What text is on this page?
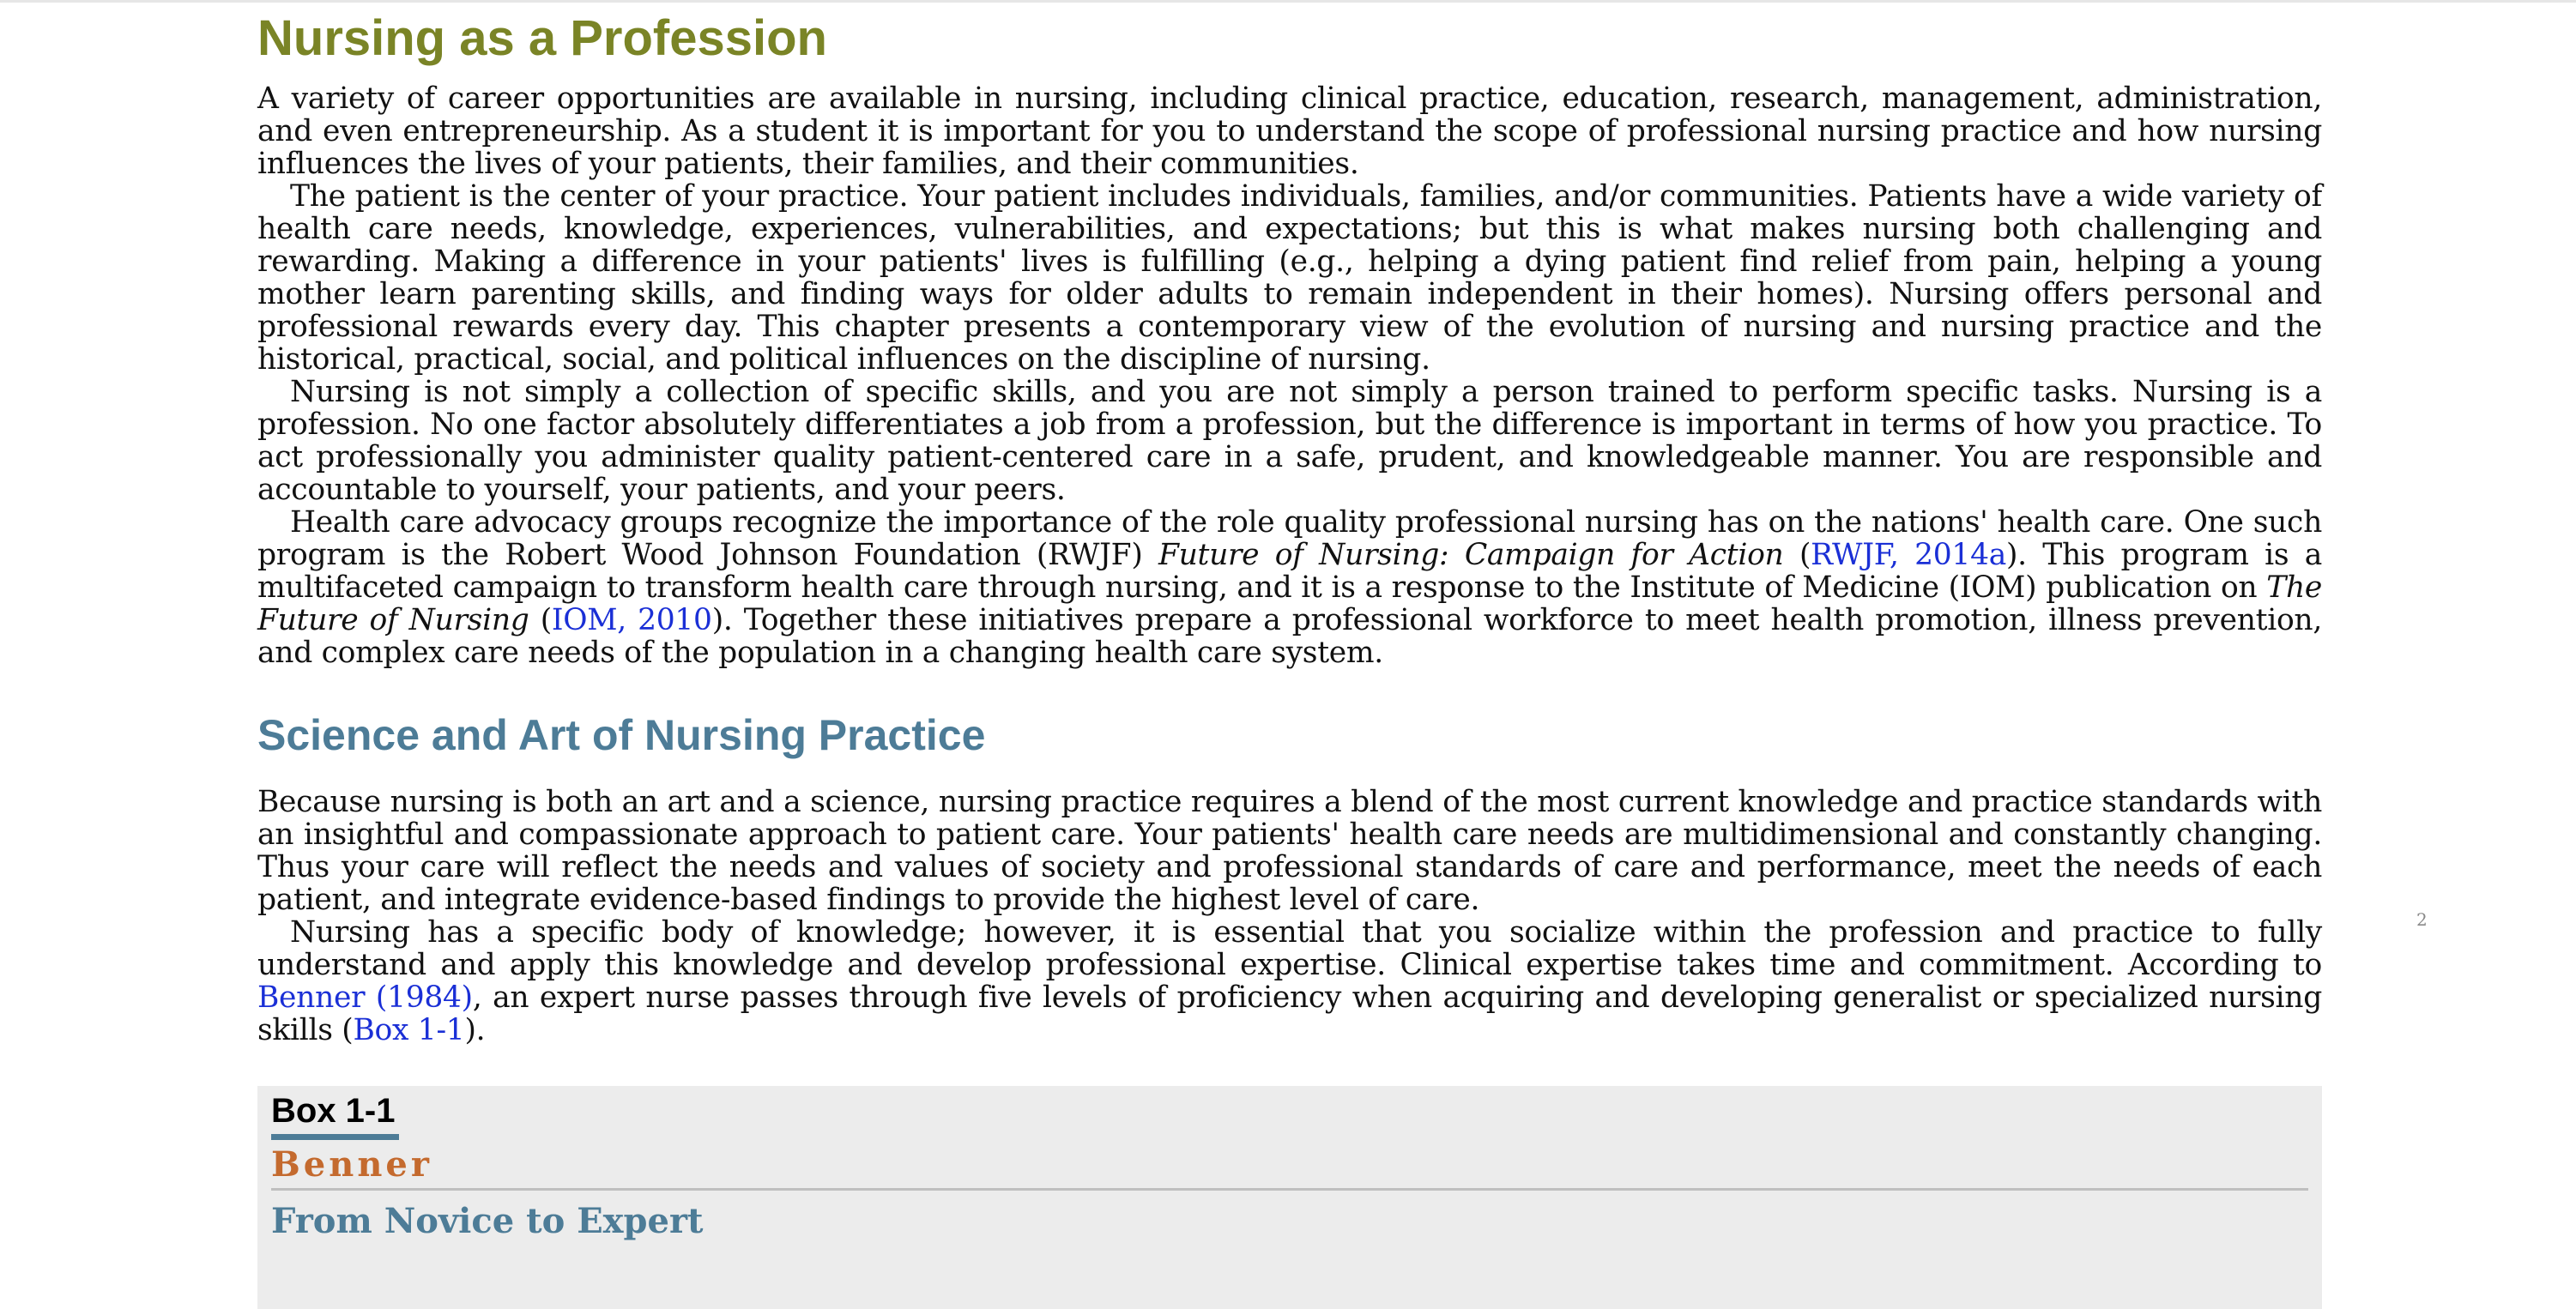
Nursing as a Profession

A variety of career opportunities are available in nursing, including clinical practice, education, research, management, administration, and even entrepreneurship. As a student it is important for you to understand the scope of professional nursing practice and how nursing influences the lives of your patients, their families, and their communities.

The patient is the center of your practice. Your patient includes individuals, families, and/or communities. Patients have a wide variety of health care needs, knowledge, experiences, vulnerabilities, and expectations; but this is what makes nursing both challenging and rewarding. Making a difference in your patients' lives is fulfilling (e.g., helping a dying patient find relief from pain, helping a young mother learn parenting skills, and finding ways for older adults to remain independent in their homes). Nursing offers personal and professional rewards every day. This chapter presents a contemporary view of the evolution of nursing and nursing practice and the historical, practical, social, and political influences on the discipline of nursing.

Nursing is not simply a collection of specific skills, and you are not simply a person trained to perform specific tasks. Nursing is a profession. No one factor absolutely differentiates a job from a profession, but the difference is important in terms of how you practice. To act professionally you administer quality patient-centered care in a safe, prudent, and knowledgeable manner. You are responsible and accountable to yourself, your patients, and your peers.

Health care advocacy groups recognize the importance of the role quality professional nursing has on the nations' health care. One such program is the Robert Wood Johnson Foundation (RWJF) Future of Nursing: Campaign for Action (RWJF, 2014a). This program is a multifaceted campaign to transform health care through nursing, and it is a response to the Institute of Medicine (IOM) publication on The Future of Nursing (IOM, 2010). Together these initiatives prepare a professional workforce to meet health promotion, illness prevention, and complex care needs of the population in a changing health care system.

Science and Art of Nursing Practice

Because nursing is both an art and a science, nursing practice requires a blend of the most current knowledge and practice standards with an insightful and compassionate approach to patient care. Your patients' health care needs are multidimensional and constantly changing. Thus your care will reflect the needs and values of society and professional standards of care and performance, meet the needs of each patient, and integrate evidence-based findings to provide the highest level of care.

Nursing has a specific body of knowledge; however, it is essential that you socialize within the profession and practice to fully understand and apply this knowledge and develop professional expertise. Clinical expertise takes time and commitment. According to Benner (1984), an expert nurse passes through five levels of proficiency when acquiring and developing generalist or specialized nursing skills (Box 1-1).

Box 1-1
Benner
From Novice to Expert
2
